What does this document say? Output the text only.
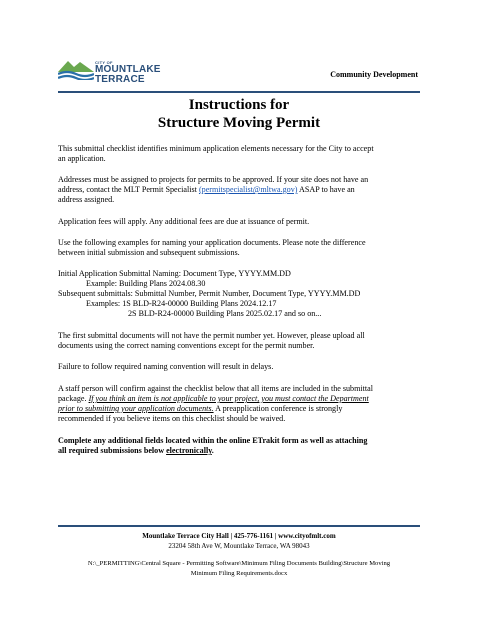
CITY OF
MOUNTLAKE
TERRACE	Community Development
Instructions for
Structure Moving Permit
This submittal checklist identifies minimum application elements necessary for the City to accept
an application.
Addresses must be assigned to projects for permits to be approved. If your site does not have an
address, contact the MLT Permit Specialist (permitspecialist@mltwa.gov) ASAP to have an
address assigned.
Application fees will apply. Any additional fees are due at issuance of permit.
Use the following examples for naming your application documents. Please note the difference
between initial submission and subsequent submissions.
Initial Application Submittal Naming: Document Type, YYYY.MM.DD
Example: Building Plans 2024.08.30
Subsequent submittals: Submittal Number, Permit Number, Document Type, YYYY.MM.DD
Examples: 1S BLD-R24-00000 Building Plans 2024.12.17
2S BLD-R24-00000 Building Plans 2025.02.17 and so on...
The first submittal documents will not have the permit number yet. However, please upload all
documents using the correct naming conventions except for the permit number.
Failure to follow required naming convention will result in delays.
A staff person will confirm against the checklist below that all items are included in the submittal
package. If you think an item is not applicable to your project, you must contact the Department
prior to submitting your application documents. A preapplication conference is strongly
recommended if you believe items on this checklist should be waived.
Complete any additional fields located within the online ETrakit form as well as attaching
all required submissions below electronically.
Mountlake Terrace City Hall | 425-776-1161 | www.cityofmlt.com
23204 58th Ave W, Mountlake Terrace, WA 98043
N:\_PERMITTING\Central Square - Permitting Software\Minimum Filing Documents Building\Structure Moving
Minimum Filing Requirements.docx
